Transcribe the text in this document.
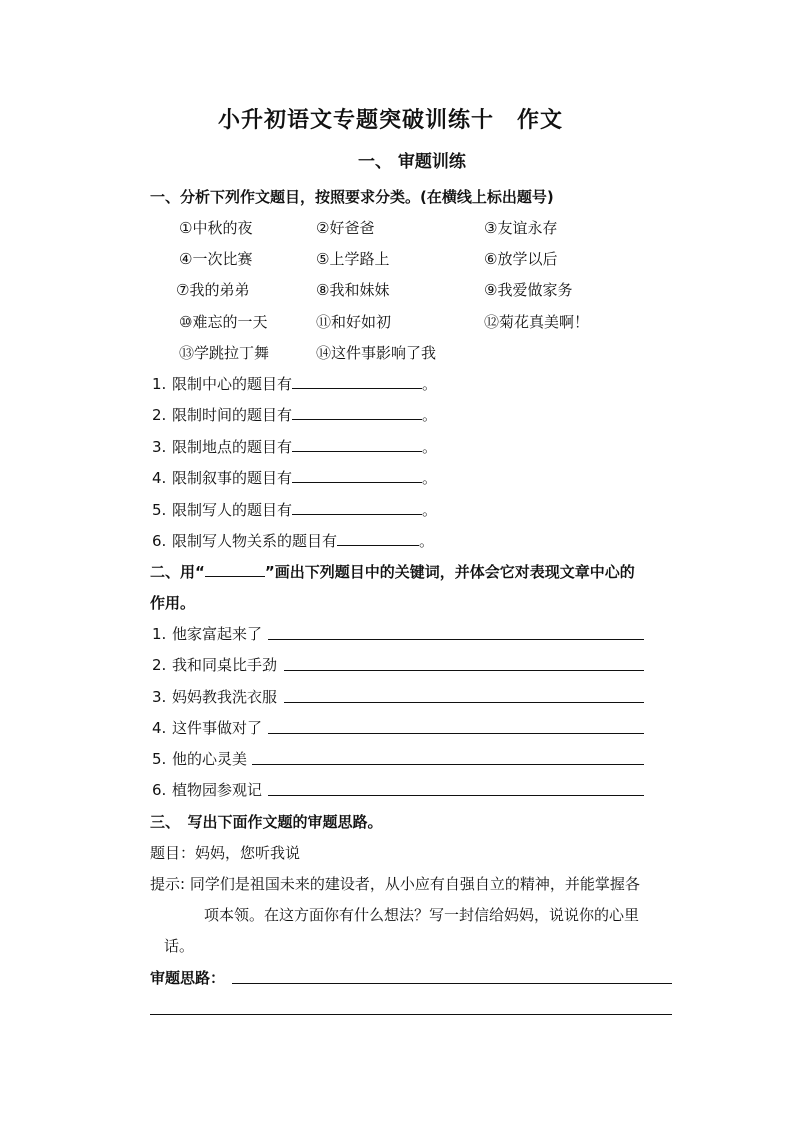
小升初语文专题突破训练十　作文
一、 审题训练
一、分析下列作文题目，按照要求分类。(在横线上标出题号)
①中秋的夜	②好爸爸	③友谊永存
④一次比赛	⑤上学路上	⑥放学以后
⑦我的弟弟	⑧我和妹妹	⑨我爱做家务
⑩难忘的一天	⑪和好如初	⑫菊花真美啊！
⑬学跳拉丁舞	⑭这件事影响了我
1. 限制中心的题目有	。
2. 限制时间的题目有	。
3. 限制地点的题目有	。
4. 限制叙事的题目有	。
5. 限制写人的题目有	。
6. 限制写人物关系的题目有	。
二、用“	”画出下列题目中的关键词，并体会它对表现文章中心的
作用。
1. 他家富起来了
2. 我和同桌比手劲
3. 妈妈教我洗衣服
4. 这件事做对了
5. 他的心灵美
6. 植物园参观记
三、　写出下面作文题的审题思路。
题目：妈妈，您听我说
提示: 同学们是祖国未来的建设者，从小应有自强自立的精神，并能掌握各
项本领。在这方面你有什么想法？写一封信给妈妈，说说你的心里
话。
审题思路：
